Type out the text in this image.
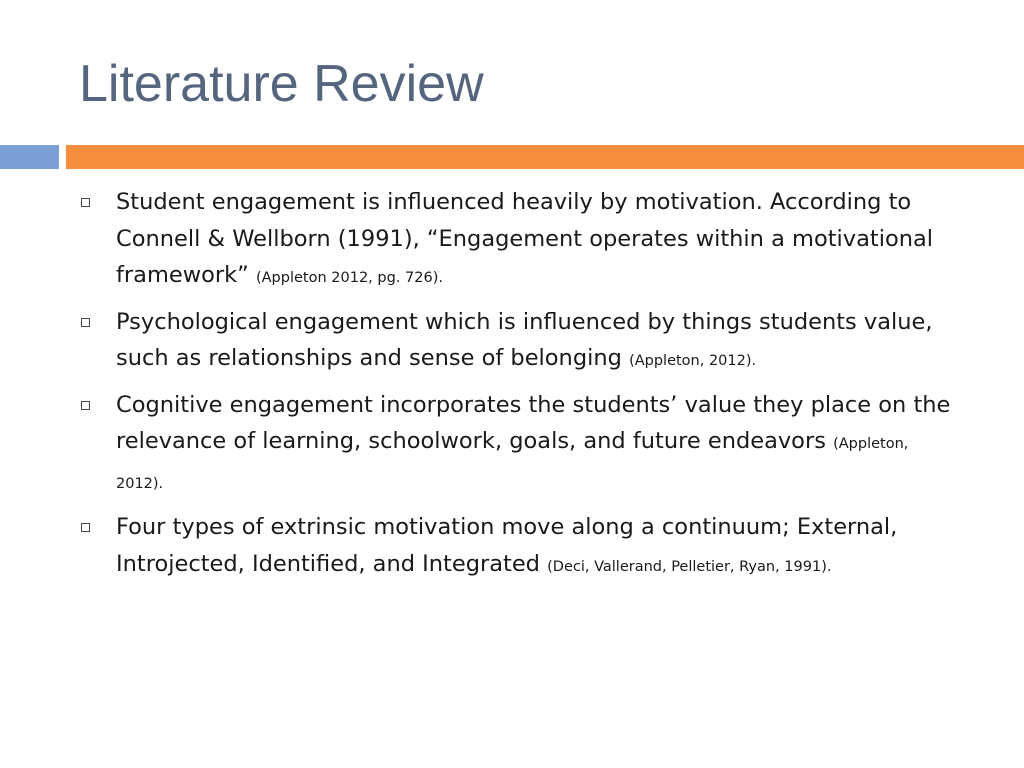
Literature Review
Student engagement is influenced heavily by motivation. According to Connell & Wellborn (1991), “Engagement operates within a motivational framework” (Appleton 2012, pg. 726).
Psychological engagement which is influenced by things students value, such as relationships and sense of belonging (Appleton, 2012).
Cognitive engagement incorporates the students’ value they place on the relevance of learning, schoolwork, goals, and future endeavors (Appleton, 2012).
Four types of extrinsic motivation move along a continuum; External, Introjected, Identified, and Integrated (Deci, Vallerand, Pelletier, Ryan, 1991).
